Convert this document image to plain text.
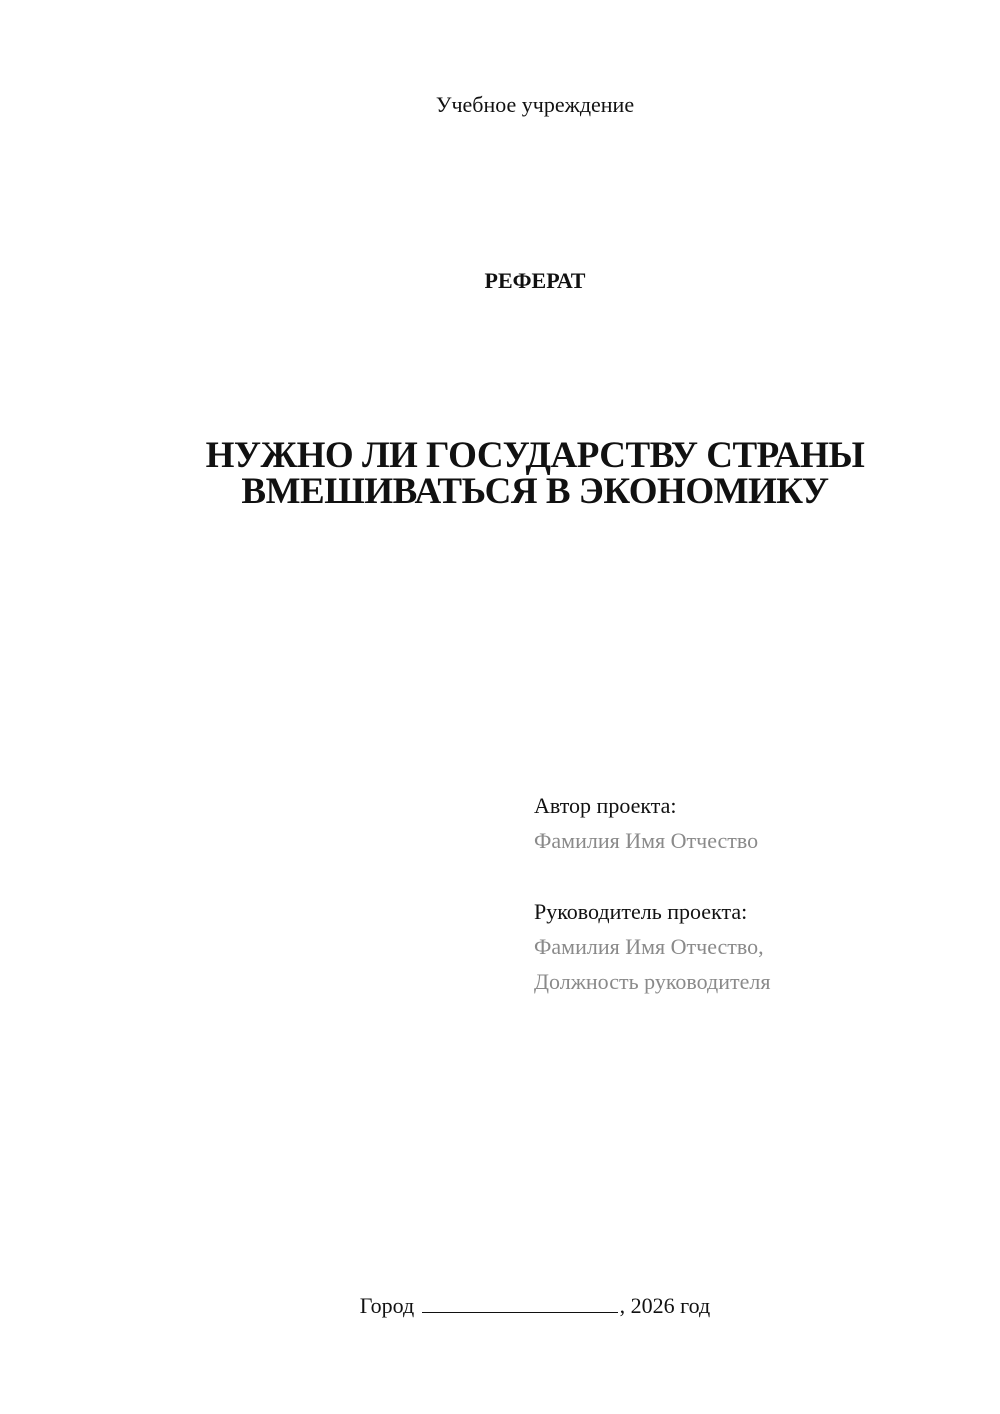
Учебное учреждение
РЕФЕРАТ
НУЖНО ЛИ ГОСУДАРСТВУ СТРАНЫ
ВМЕШИВАТЬСЯ В ЭКОНОМИКУ
Автор проекта:
Фамилия Имя Отчество
Руководитель проекта:
Фамилия Имя Отчество,
Должность руководителя
Город	, 2026 год
